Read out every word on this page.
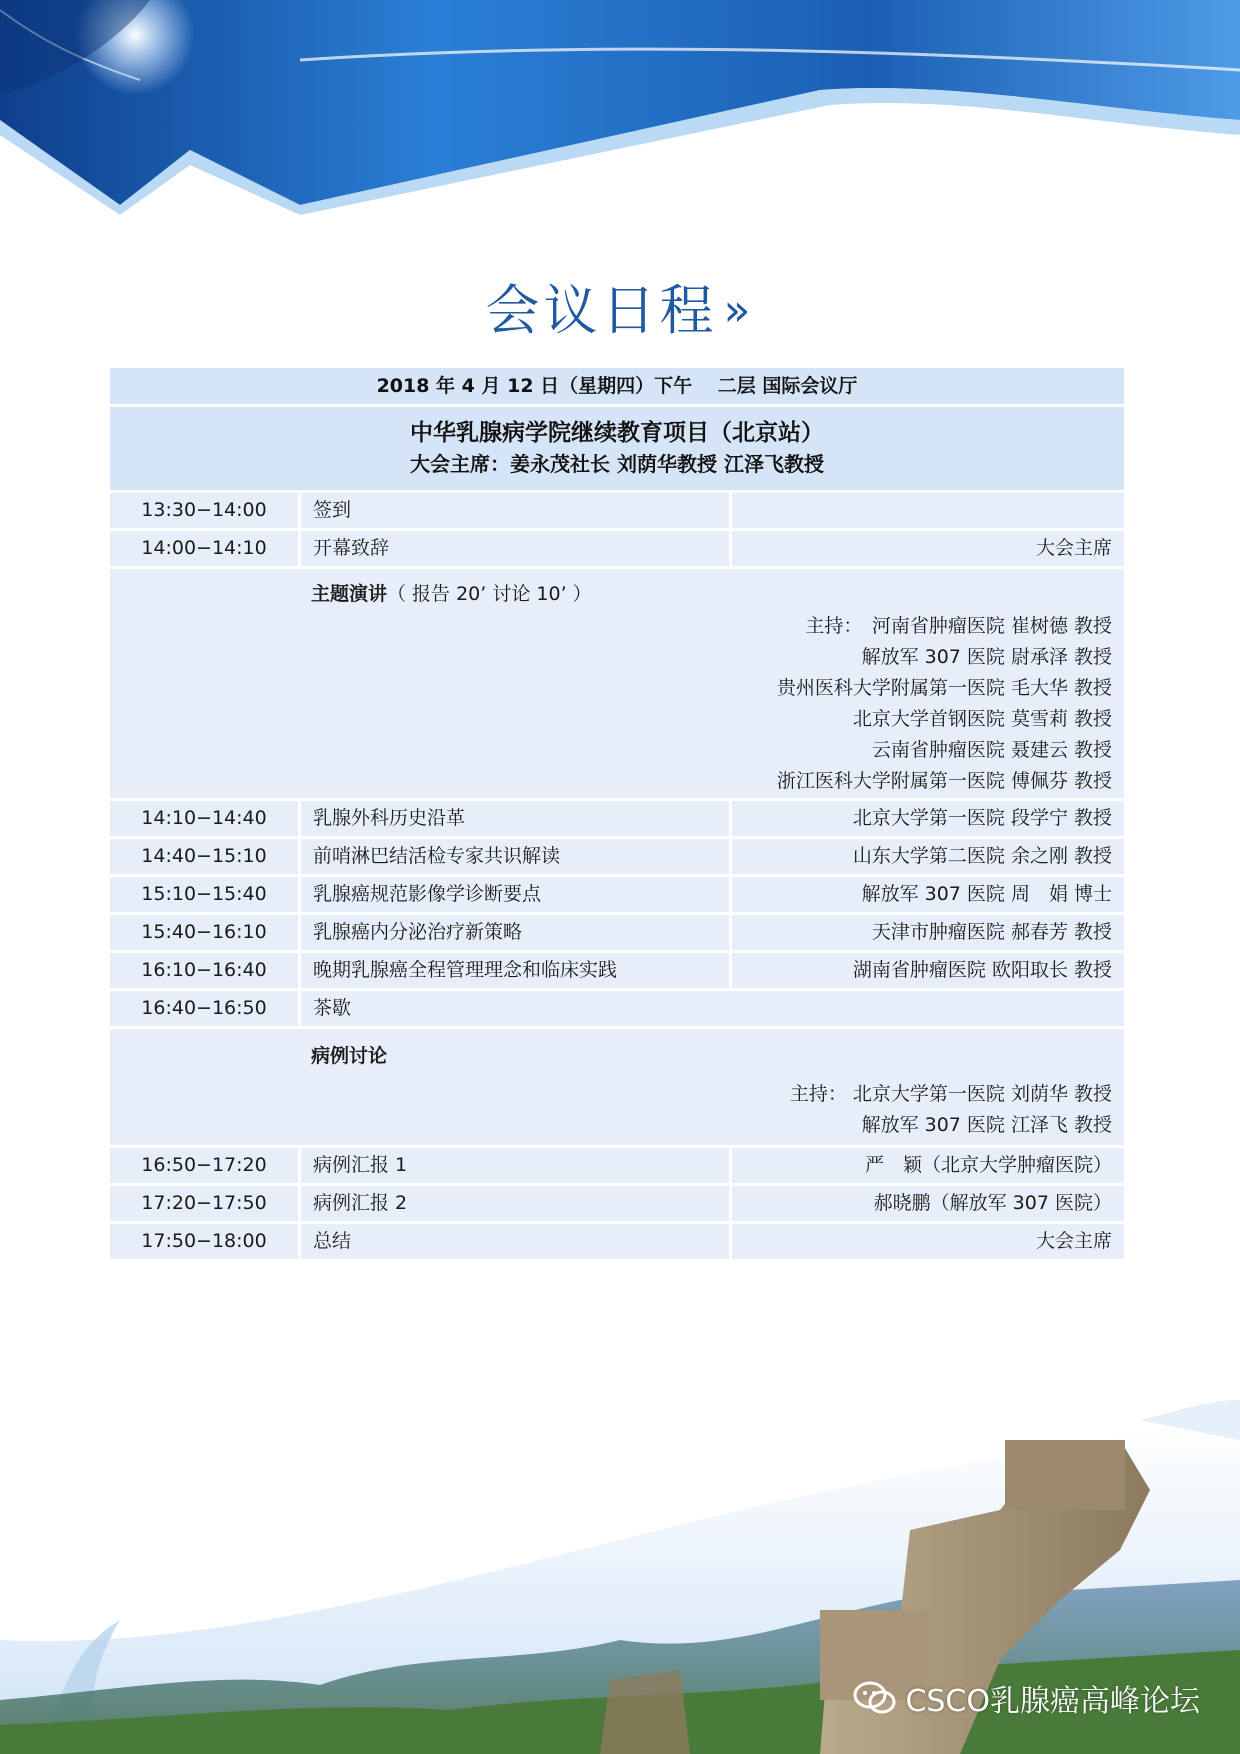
会议日程 »
2018 年 4 月 12 日（星期四）下午　 二层 国际会议厅
中华乳腺病学院继续教育项目（北京站）
大会主席：姜永茂社长 刘荫华教授 江泽飞教授
13:30−14:00	签到
14:00−14:10	开幕致辞	大会主席
主题演讲（ 报告 20’ 讨论 10’ ）
主持：　河南省肿瘤医院 崔树德 教授
解放军 307 医院 尉承泽 教授
贵州医科大学附属第一医院 毛大华 教授
北京大学首钢医院 莫雪莉 教授
云南省肿瘤医院 聂建云 教授
浙江医科大学附属第一医院 傅佩芬 教授
14:10−14:40	乳腺外科历史沿革	北京大学第一医院 段学宁 教授
14:40−15:10	前哨淋巴结活检专家共识解读	山东大学第二医院 余之刚 教授
15:10−15:40	乳腺癌规范影像学诊断要点	解放军 307 医院 周　娟 博士
15:40−16:10	乳腺癌内分泌治疗新策略	天津市肿瘤医院 郝春芳 教授
16:10−16:40	晚期乳腺癌全程管理理念和临床实践	湖南省肿瘤医院 欧阳取长 教授
16:40−16:50	茶歇
病例讨论
主持： 北京大学第一医院 刘荫华 教授
解放军 307 医院 江泽飞 教授
16:50−17:20	病例汇报 1	严　颖（北京大学肿瘤医院）
17:20−17:50	病例汇报 2	郝晓鹏（解放军 307 医院）
17:50−18:00	总结	大会主席
CSCO乳腺癌高峰论坛
